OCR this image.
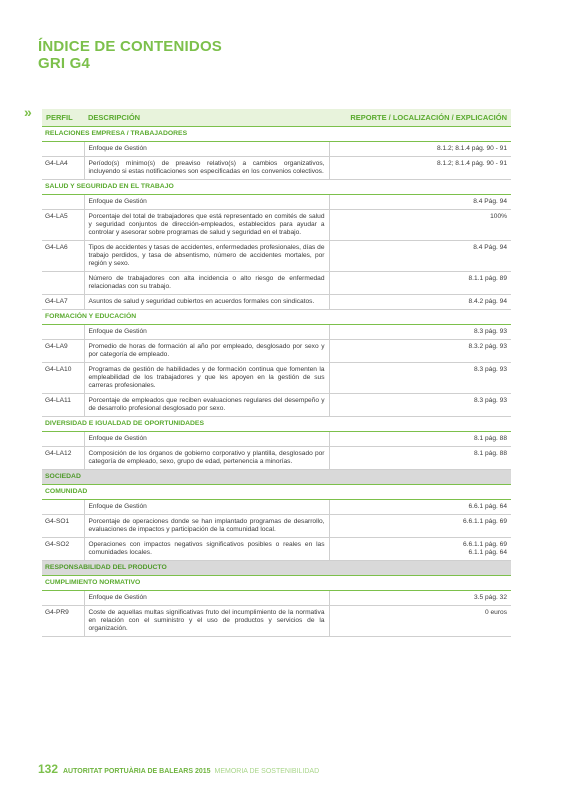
ÍNDICE DE CONTENIDOS
GRI G4
»	PERFIL	DESCRIPCIÓN	REPORTE / LOCALIZACIÓN / EXPLICACIÓN
RELACIONES EMPRESA / TRABAJADORES		
	Enfoque de Gestión	8.1.2; 8.1.4 pág. 90 - 91
G4-LA4	Período(s) mínimo(s) de preaviso relativo(s) a cambios organizativos, incluyendo si estas notificaciones son especificadas en los convenios colectivos.	8.1.2; 8.1.4 pág. 90 - 91
SALUD Y SEGURIDAD EN EL TRABAJO		
	Enfoque de Gestión	8.4 Pág. 94
G4-LA5	Porcentaje del total de trabajadores que está representado en comités de salud y seguridad conjuntos de dirección-empleados, establecidos para ayudar a controlar y asesorar sobre programas de salud y seguridad en el trabajo.	100%
G4-LA6	Tipos de accidentes y tasas de accidentes, enfermedades profesionales, días de trabajo perdidos, y tasa de absentismo, número de accidentes mortales, por región y sexo.	8.4 Pág. 94
	Número de trabajadores con alta incidencia o alto riesgo de enfermedad relacionadas con su trabajo.	8.1.1 pág. 89
G4-LA7	Asuntos de salud y seguridad cubiertos en acuerdos formales con sindicatos.	8.4.2 pág. 94
FORMACIÓN Y EDUCACIÓN		
	Enfoque de Gestión	8.3 pág. 93
G4-LA9	Promedio de horas de formación al año por empleado, desglosado por sexo y por categoría de empleado.	8.3.2 pág. 93
G4-LA10	Programas de gestión de habilidades y de formación continua que fomenten la empleabilidad de los trabajadores y que les apoyen en la gestión de sus carreras profesionales.	8.3 pág. 93
G4-LA11	Porcentaje de empleados que reciben evaluaciones regulares del desempeño y de desarrollo profesional desglosado por sexo.	8.3 pág. 93
DIVERSIDAD E IGUALDAD DE OPORTUNIDADES		
	Enfoque de Gestión	8.1 pág. 88
G4-LA12	Composición de los órganos de gobierno corporativo y plantilla, desglosado por categoría de empleado, sexo, grupo de edad, pertenencia a minorías.	8.1 pág. 88
SOCIEDAD		
COMUNIDAD		
	Enfoque de Gestión	6.6.1 pág. 64
G4-SO1	Porcentaje de operaciones donde se han implantado programas de desarrollo, evaluaciones de impactos y participación de la comunidad local.	6.6.1.1 pág. 69
G4-SO2	Operaciones con impactos negativos significativos posibles o reales en las comunidades locales.	6.6.1.1 pág. 69
6.1.1 pág. 64
RESPONSABILIDAD DEL PRODUCTO		
CUMPLIMIENTO NORMATIVO		
	Enfoque de Gestión	3.5 pág. 32
G4-PR9	Coste de aquellas multas significativas fruto del incumplimiento de la normativa en relación con el suministro y el uso de productos y servicios de la organización.	0 euros
132 AUTORITAT PORTUÀRIA DE BALEARS 2015 MEMORIA DE SOSTENIBILIDAD
